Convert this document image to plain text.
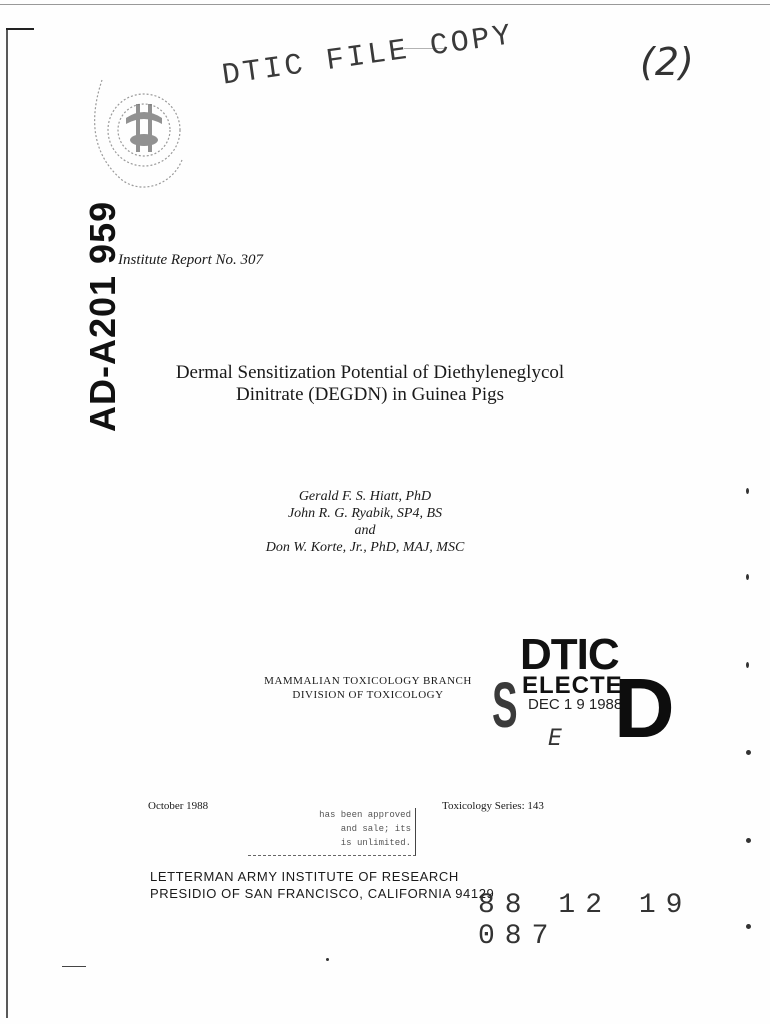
DTIC FILE COPY	(2)
AD-A201 959
Institute Report No. 307
Dermal Sensitization Potential of Diethyleneglycol
Dinitrate (DEGDN) in Guinea Pigs
Gerald F. S. Hiatt, PhD
John R. G. Ryabik, SP4, BS
and
Don W. Korte, Jr., PhD, MAJ, MSC
MAMMALIAN TOXICOLOGY BRANCH
DIVISION OF TOXICOLOGY
DTIC
ELECTE
DEC 1 9 1988
S D
E
October 1988	Toxicology Series: 143
has been approved
and sale; its
is unlimited.
LETTERMAN ARMY INSTITUTE OF RESEARCH
PRESIDIO OF SAN FRANCISCO, CALIFORNIA 94129
88 12 19 087
